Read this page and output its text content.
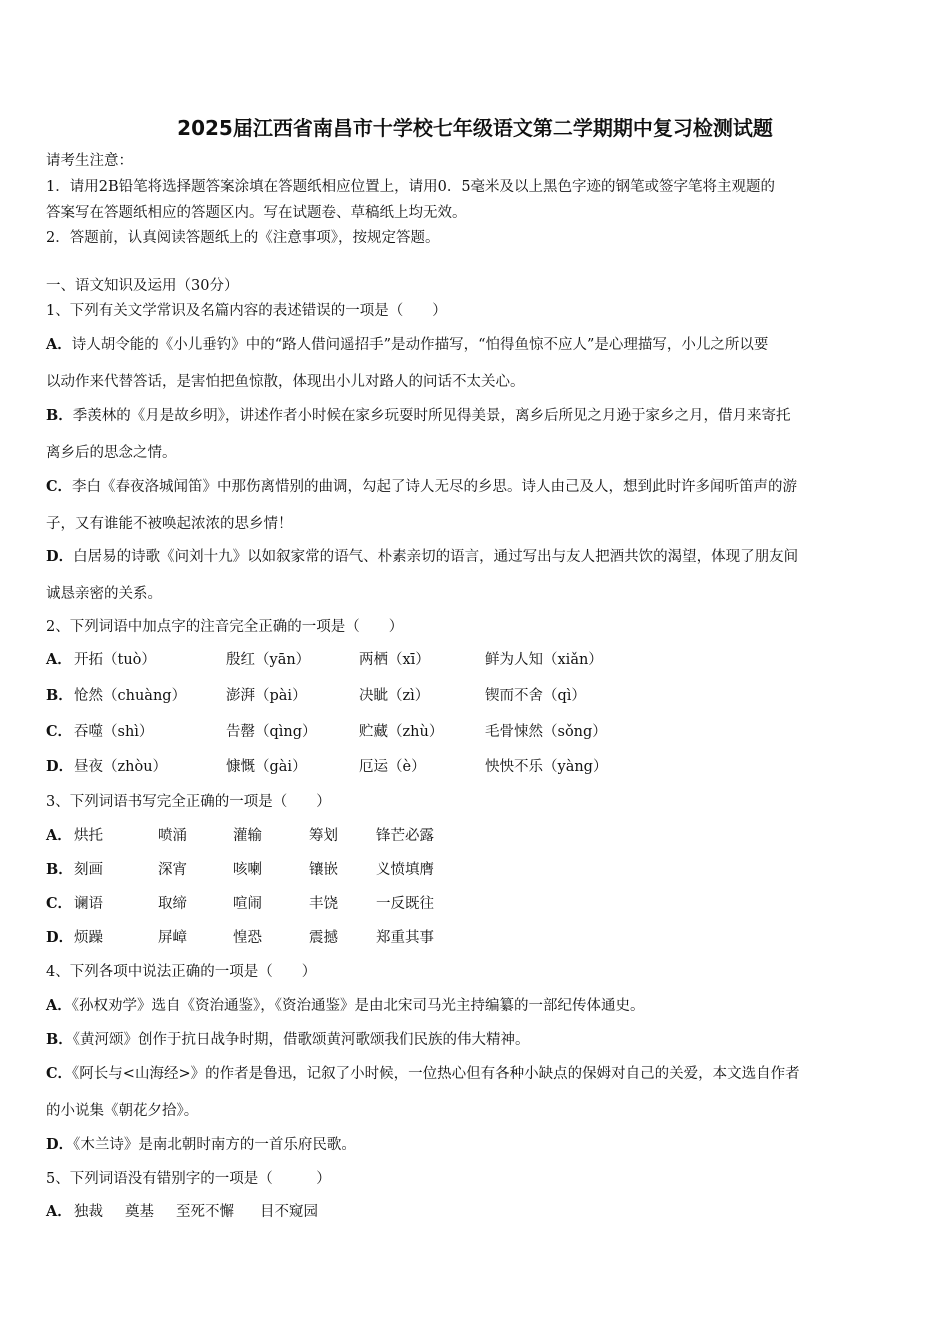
2025届江西省南昌市十学校七年级语文第二学期期中复习检测试题
请考生注意：
1．请用2B铅笔将选择题答案涂填在答题纸相应位置上，请用0．5毫米及以上黑色字迹的钢笔或签字笔将主观题的
答案写在答题纸相应的答题区内。写在试题卷、草稿纸上均无效。
2．答题前，认真阅读答题纸上的《注意事项》，按规定答题。
一、语文知识及运用（30分）
1、下列有关文学常识及名篇内容的表述错误的一项是（　　）
A．诗人胡令能的《小儿垂钓》中的“路人借问遥招手”是动作描写，“怕得鱼惊不应人”是心理描写，小儿之所以要
以动作来代替答话，是害怕把鱼惊散，体现出小儿对路人的问话不太关心。
B．季羡林的《月是故乡明》，讲述作者小时候在家乡玩耍时所见得美景，离乡后所见之月逊于家乡之月，借月来寄托
离乡后的思念之情。
C．李白《春夜洛城闻笛》中那伤离惜别的曲调，勾起了诗人无尽的乡思。诗人由己及人，想到此时许多闻听笛声的游
子，又有谁能不被唤起浓浓的思乡情！
D．白居易的诗歌《问刘十九》以如叙家常的语气、朴素亲切的语言，通过写出与友人把酒共饮的渴望，体现了朋友间
诚恳亲密的关系。
2、下列词语中加点字的注音完全正确的一项是（　　）
A． 开拓（tuò）	殷红（yān）	两栖（xī）	鲜为人知（xiǎn）
B． 怆然（chuàng）	澎湃（pài）	决眦（zì）	锲而不舍（qì）
C． 吞噬（shì）	告罄（qìng）	贮藏（zhù）	毛骨悚然（sǒng）
D． 昼夜（zhòu）	慷慨（gài）	厄运（è）	怏怏不乐（yàng）
3、下列词语书写完全正确的一项是（　　）
A． 烘托	喷涌	灌输	筹划	锋芒必露
B． 刻画	深宵	咳喇	镶嵌	义愤填膺
C． 谰语	取缔	喧闹	丰饶	一反既往
D． 烦躁	屏嶂	惶恐	震撼	郑重其事
4、下列各项中说法正确的一项是（　　）
A．《孙权劝学》选自《资治通鉴》，《资治通鉴》是由北宋司马光主持编纂的一部纪传体通史。
B．《黄河颂》创作于抗日战争时期，借歌颂黄河歌颂我们民族的伟大精神。
C．《阿长与<山海经>》的作者是鲁迅，记叙了小时候，一位热心但有各种小缺点的保姆对自己的关爱，本文选自作者
的小说集《朝花夕拾》。
D．《木兰诗》是南北朝时南方的一首乐府民歌。
5、下列词语没有错别字的一项是（　　　）
A． 独裁 奠基 至死不懈 目不窥园
